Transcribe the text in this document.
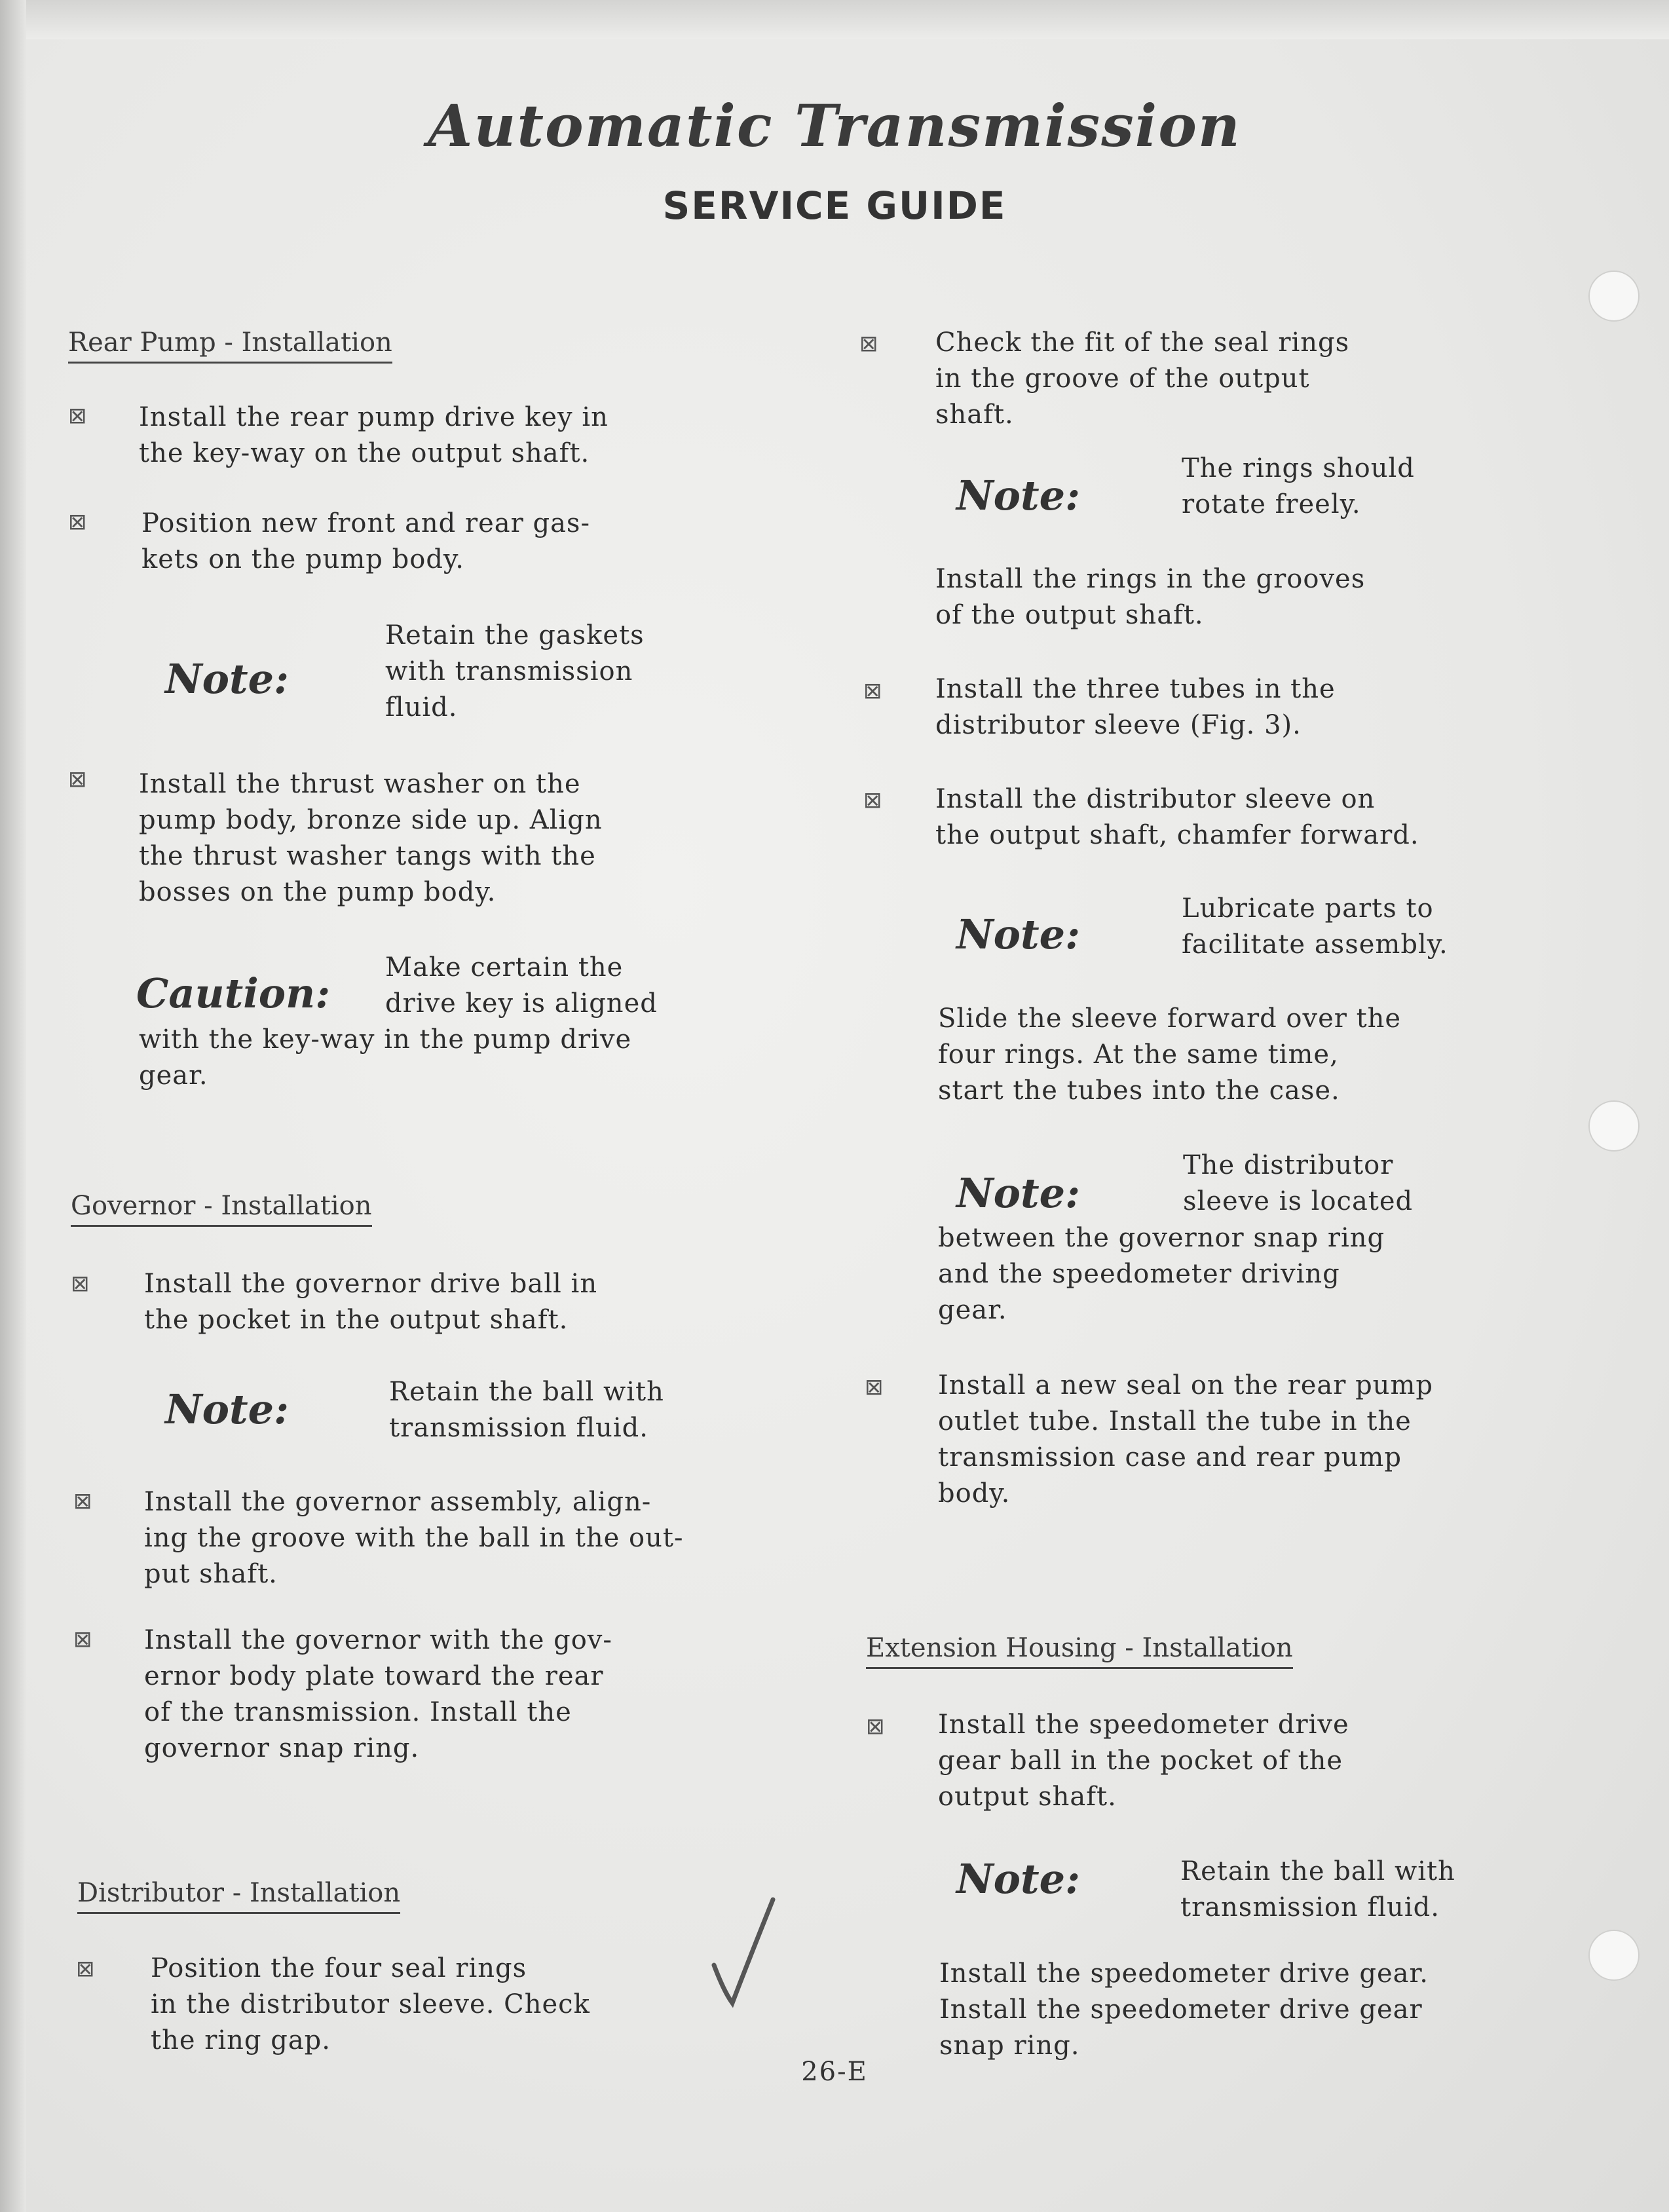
Automatic Transmission
SERVICE GUIDE
Rear Pump - Installation
⊠ Install the rear pump drive key in
the key-way on the output shaft.
⊠ Position new front and rear gas-
kets on the pump body.
Note:
Retain the gaskets
with transmission
fluid.
⊠ Install the thrust washer on the
pump body, bronze side up. Align
the thrust washer tangs with the
bosses on the pump body.
Caution:
Make certain the
drive key is aligned
with the key-way in the pump drive
gear.
Governor - Installation
⊠ Install the governor drive ball in
the pocket in the output shaft.
Note:	Retain the ball with
transmission fluid.
⊠ Install the governor assembly, align-
ing the groove with the ball in the out-
put shaft.
⊠ Install the governor with the gov-
ernor body plate toward the rear
of the transmission. Install the
governor snap ring.
Distributor - Installation
⊠ Position the four seal rings
in the distributor sleeve. Check
the ring gap.
⊠ Check the fit of the seal rings
in the groove of the output
shaft.
Note:
The rings should
rotate freely.
Install the rings in the grooves
of the output shaft.
⊠ Install the three tubes in the
distributor sleeve (Fig. 3).
⊠ Install the distributor sleeve on
the output shaft, chamfer forward.
Note:
Lubricate parts to
facilitate assembly.
Slide the sleeve forward over the
four rings. At the same time,
start the tubes into the case.
Note:
The distributor
sleeve is located
between the governor snap ring
and the speedometer driving
gear.
⊠ Install a new seal on the rear pump
outlet tube. Install the tube in the
transmission case and rear pump
body.
Extension Housing - Installation
⊠ Install the speedometer drive
gear ball in the pocket of the
output shaft.
Note:	Retain the ball with
transmission fluid.
Install the speedometer drive gear.
Install the speedometer drive gear
snap ring.
26-E
